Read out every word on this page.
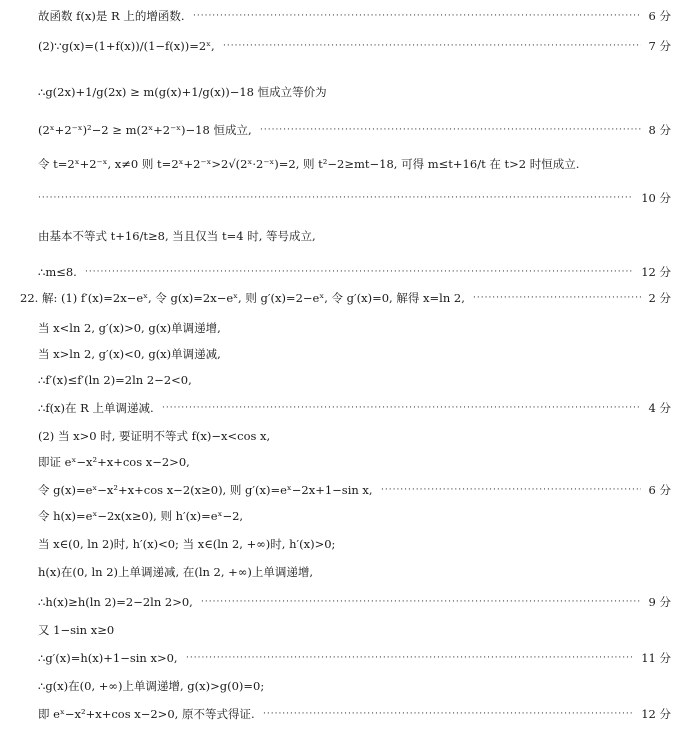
故函数 f(x)是 R 上的增函数.	6 分
·····
(2)∵g(x)=(1+f(x))/(1−f(x))=2ˣ,	7 分
·····
∴g(2x)+1/g(2x) ≥ m(g(x)+1/g(x))−18 恒成立等价为
(2ˣ+2⁻ˣ)²−2 ≥ m(2ˣ+2⁻ˣ)−18 恒成立,	8 分
·····
令 t=2ˣ+2⁻ˣ, x≠0 则 t=2ˣ+2⁻ˣ>2√(2ˣ·2⁻ˣ)=2, 则 t²−2≥mt−18, 可得 m≤t+16/t 在 t>2 时恒成立.
10 分
·····
由基本不等式 t+16/t≥8, 当且仅当 t=4 时, 等号成立,
∴m≤8.	12 分
·····
22. 解: (1) f′(x)=2x−eˣ, 令 g(x)=2x−eˣ, 则 g′(x)=2−eˣ, 令 g′(x)=0, 解得 x=ln 2,	2 分
·····
当 x<ln 2, g′(x)>0, g(x)单调递增,
当 x>ln 2, g′(x)<0, g(x)单调递减,
∴f′(x)≤f′(ln 2)=2ln 2−2<0,
∴f(x)在 R 上单调递减.	4 分
·····
(2) 当 x>0 时, 要证明不等式 f(x)−x<cos x,
即证 eˣ−x²+x+cos x−2>0,
令 g(x)=eˣ−x²+x+cos x−2(x≥0), 则 g′(x)=eˣ−2x+1−sin x,	6 分
·····
令 h(x)=eˣ−2x(x≥0), 则 h′(x)=eˣ−2,
当 x∈(0, ln 2)时, h′(x)<0; 当 x∈(ln 2, +∞)时, h′(x)>0;
h(x)在(0, ln 2)上单调递减, 在(ln 2, +∞)上单调递增,
∴h(x)≥h(ln 2)=2−2ln 2>0,	9 分
·····
又 1−sin x≥0
∴g′(x)=h(x)+1−sin x>0,	11 分
·····
∴g(x)在(0, +∞)上单调递增, g(x)>g(0)=0;
即 eˣ−x²+x+cos x−2>0, 原不等式得证.	12 分
·····
